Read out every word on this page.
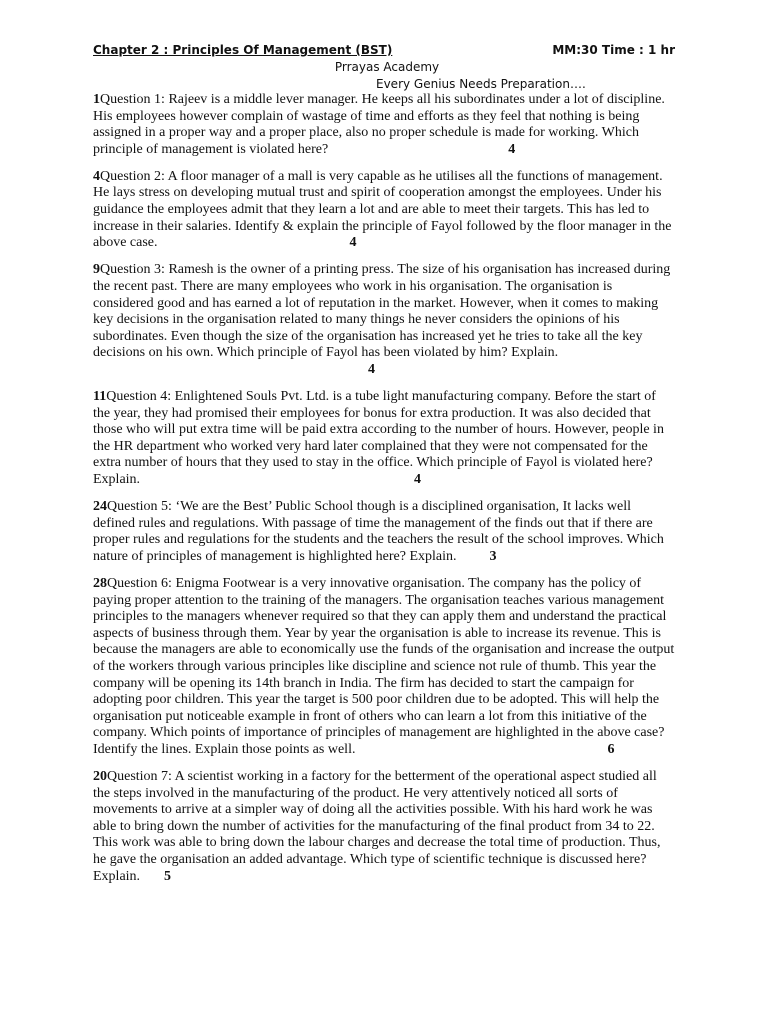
Chapter 2 : Principles Of Management (BST)	MM:30 Time : 1 hr
Prrayas Academy
Every Genius Needs Preparation….

1Question 1: Rajeev is a middle lever manager. He keeps all his subordinates under a lot of discipline. His employees however complain of wastage of time and efforts as they feel that nothing is being assigned in a proper way and a proper place, also no proper schedule is made for working. Which principle of management is violated here?	4

4Question 2: A floor manager of a mall is very capable as he utilises all the functions of management. He lays stress on developing mutual trust and spirit of cooperation amongst the employees. Under his guidance the employees admit that they learn a lot and are able to meet their targets. This has led to increase in their salaries. Identify & explain the principle of Fayol followed by the floor manager in the above case.	4

9Question 3: Ramesh is the owner of a printing press. The size of his organisation has increased during the recent past. There are many employees who work in his organisation. The organisation is considered good and has earned a lot of reputation in the market. However, when it comes to making key decisions in the organisation related to many things he never considers the opinions of his subordinates. Even though the size of the organisation has increased yet he tries to take all the key decisions on his own. Which principle of Fayol has been violated by him? Explain.
4

11Question 4: Enlightened Souls Pvt. Ltd. is a tube light manufacturing company. Before the start of the year, they had promised their employees for bonus for extra production. It was also decided that those who will put extra time will be paid extra according to the number of hours. However, people in the HR department who worked very hard later complained that they were not compensated for the extra number of hours that they used to stay in the office. Which principle of Fayol is violated here? Explain.	4

24Question 5: ‘We are the Best’ Public School though is a disciplined organisation, It lacks well defined rules and regulations. With passage of time the management of the finds out that if there are proper rules and regulations for the students and the teachers the result of the school improves. Which nature of principles of management is highlighted here? Explain. 3

28Question 6: Enigma Footwear is a very innovative organisation. The company has the policy of paying proper attention to the training of the managers. The organisation teaches various management principles to the managers whenever required so that they can apply them and understand the practical aspects of business through them. Year by year the organisation is able to increase its revenue. This is because the managers are able to economically use the funds of the organisation and increase the output of the workers through various principles like discipline and science not rule of thumb. This year the company will be opening its 14th branch in India. The firm has decided to start the campaign for adopting poor children. This year the target is 500 poor children due to be adopted. This will help the organisation put noticeable example in front of others who can learn a lot from this initiative of the company. Which points of importance of principles of management are highlighted in the above case? Identify the lines. Explain those points as well.	6

20Question 7: A scientist working in a factory for the betterment of the operational aspect studied all the steps involved in the manufacturing of the product. He very attentively noticed all sorts of movements to arrive at a simpler way of doing all the activities possible. With his hard work he was able to bring down the number of activities for the manufacturing of the final product from 34 to 22. This work was able to bring down the labour charges and decrease the total time of production. Thus, he gave the organisation an added advantage. Which type of scientific technique is discussed here? Explain. 5
